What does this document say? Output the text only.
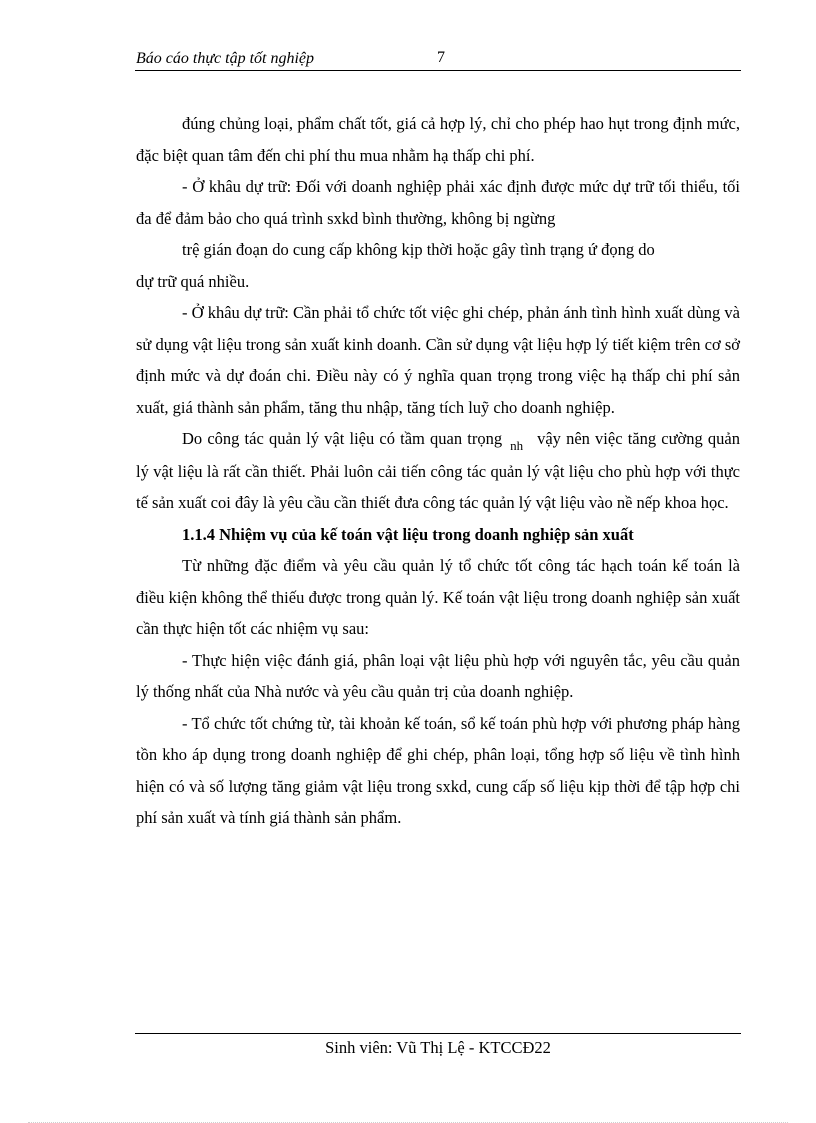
Báo cáo thực tập tốt nghiệp	7

đúng chủng loại, phẩm chất tốt, giá cả hợp lý, chỉ cho phép hao hụt trong định mức, đặc biệt quan tâm đến chi phí thu mua nhằm hạ thấp chi phí.

- Ở khâu dự trữ: Đối với doanh nghiệp phải xác định được mức dự trữ tối thiểu, tối đa để đảm bảo cho quá trình sxkd bình thường, không bị ngừng

trệ gián đoạn do cung cấp không kịp thời hoặc gây tình trạng ứ đọng do

dự trữ quá nhiều.

- Ở khâu dự trữ: Cần phải tổ chức tốt việc ghi chép, phản ánh tình hình xuất dùng và sử dụng vật liệu trong sản xuất kinh doanh. Cần sử dụng vật liệu hợp lý tiết kiệm trên cơ sở định mức và dự đoán chi. Điều này có ý nghĩa quan trọng trong việc hạ thấp chi phí sản xuất, giá thành sản phẩm, tăng thu nhập, tăng tích luỹ cho doanh nghiệp.

Do công tác quản lý vật liệu có tầm quan trọng $_{nh}$ vậy nên việc tăng cường quản lý vật liệu là rất cần thiết. Phải luôn cải tiến công tác quản lý vật liệu cho phù hợp với thực tế sản xuất coi đây là yêu cầu cần thiết đưa công tác quản lý vật liệu vào nề nếp khoa học.

1.1.4 Nhiệm vụ của kế toán vật liệu trong doanh nghiệp sản xuất

Từ những đặc điểm và yêu cầu quản lý tổ chức tốt công tác hạch toán kế toán là điều kiện không thể thiếu được trong quản lý. Kế toán vật liệu trong doanh nghiệp sản xuất cần thực hiện tốt các nhiệm vụ sau:

- Thực hiện việc đánh giá, phân loại vật liệu phù hợp với nguyên tắc, yêu cầu quản lý thống nhất của Nhà nước và yêu cầu quản trị của doanh nghiệp.

- Tổ chức tốt chứng từ, tài khoản kế toán, sổ kế toán phù hợp với phương pháp hàng tồn kho áp dụng trong doanh nghiệp để ghi chép, phân loại, tổng hợp số liệu về tình hình hiện có và số lượng tăng giảm vật liệu trong sxkd, cung cấp số liệu kịp thời để tập hợp chi phí sản xuất và tính giá thành sản phẩm.

Sinh viên: Vũ Thị Lệ - KTCCĐ22
